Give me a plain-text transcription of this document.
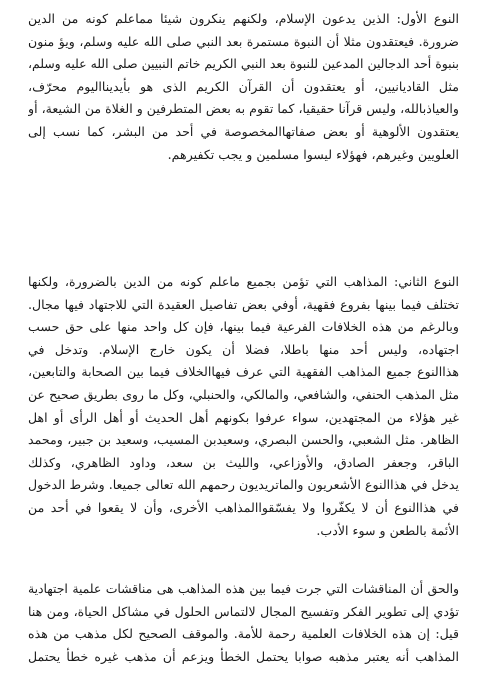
النوع الأول: الذين يدعون الإسلام، ولكنهم ينكرون شيئا مماعلم كونه من الدين
ضرورة. فيعتقدون مثلا أن النبوة مستمرة بعد النبي صلى الله عليه وسلم، ويؤ منون
بنبوة أحد الدجالين المدعين للنبوة بعد النبي الكريم خاتم النبيين صلى الله عليه وسلم،
مثل القاديانيين، أو يعتقدون أن القرآن الكريم الذى هو بأيدينااليوم محرّف،
والعياذبالله، وليس قرآنا حقيقيا، كما تقوم به بعض المتطرفين و الغلاة من الشيعة، أو
يعتقدون الألوهية أو بعض صفاتهاالمخصوصة في أحد من البشر، كما نسب إلى
العلويين وغيرهم، فهؤلاء ليسوا مسلمين و يجب تكفيرهم.
النوع الثاني: المذاهب التي تؤمن بجميع ماعلم كونه من الدين بالضرورة، ولكنها
تختلف فيما بينها بفروع فقهية، أوفي بعض تفاصيل العقيدة التي للاجتهاد فيها مجال.
وبالرغم من هذه الخلافات الفرعية فيما بينها، فإن كل واحد منها على حق حسب
اجتهاده، وليس أحد منها باطلا، فضلا أن يكون خارج الإسلام. وتدخل في
هذاالنوع جميع المذاهب الفقهية التي عرف فيهاالخلاف فيما بين الصحابة والتابعين،
مثل المذهب الحنفي، والشافعي، والمالكي، والحنبلي، وكل ما روى بطريق صحيح عن
غير هؤلاء من المجتهدين، سواء عرفوا بكونهم أهل الحديث أو أهل الرأى أو اهل
الظاهر. مثل الشعبي، والحسن البصري، وسعيدبن المسيب، وسعيد بن جبير، ومحمد
الباقر، وجعفر الصادق، والأوزاعي، والليث بن سعد، وداود الظاهري، وكذلك
يدخل في هذاالنوع الأشعريون والماتريديون رحمهم الله تعالى جميعا. وشرط الدخول
في هذاالنوع أن لا يكفّروا ولا يفسّقواالمذاهب الأخرى، وأن لا يقعوا في أحد من
الأئمة بالطعن و سوء الأدب.
والحق أن المناقشات التي جرت فيما بين هذه المذاهب هى مناقشات علمية اجتهادية
تؤدي إلى تطوير الفكر وتفسيح المجال لالتماس الحلول في مشاكل الحياة، ومن هنا
قيل: إن هذه الخلافات العلمية رحمة للأمة. والموقف الصحيح لكل مذهب من هذه
المذاهب أنه يعتبر مذهبه صوابا يحتمل الخطأ ويزعم أن مذهب غيره خطأ يحتمل
